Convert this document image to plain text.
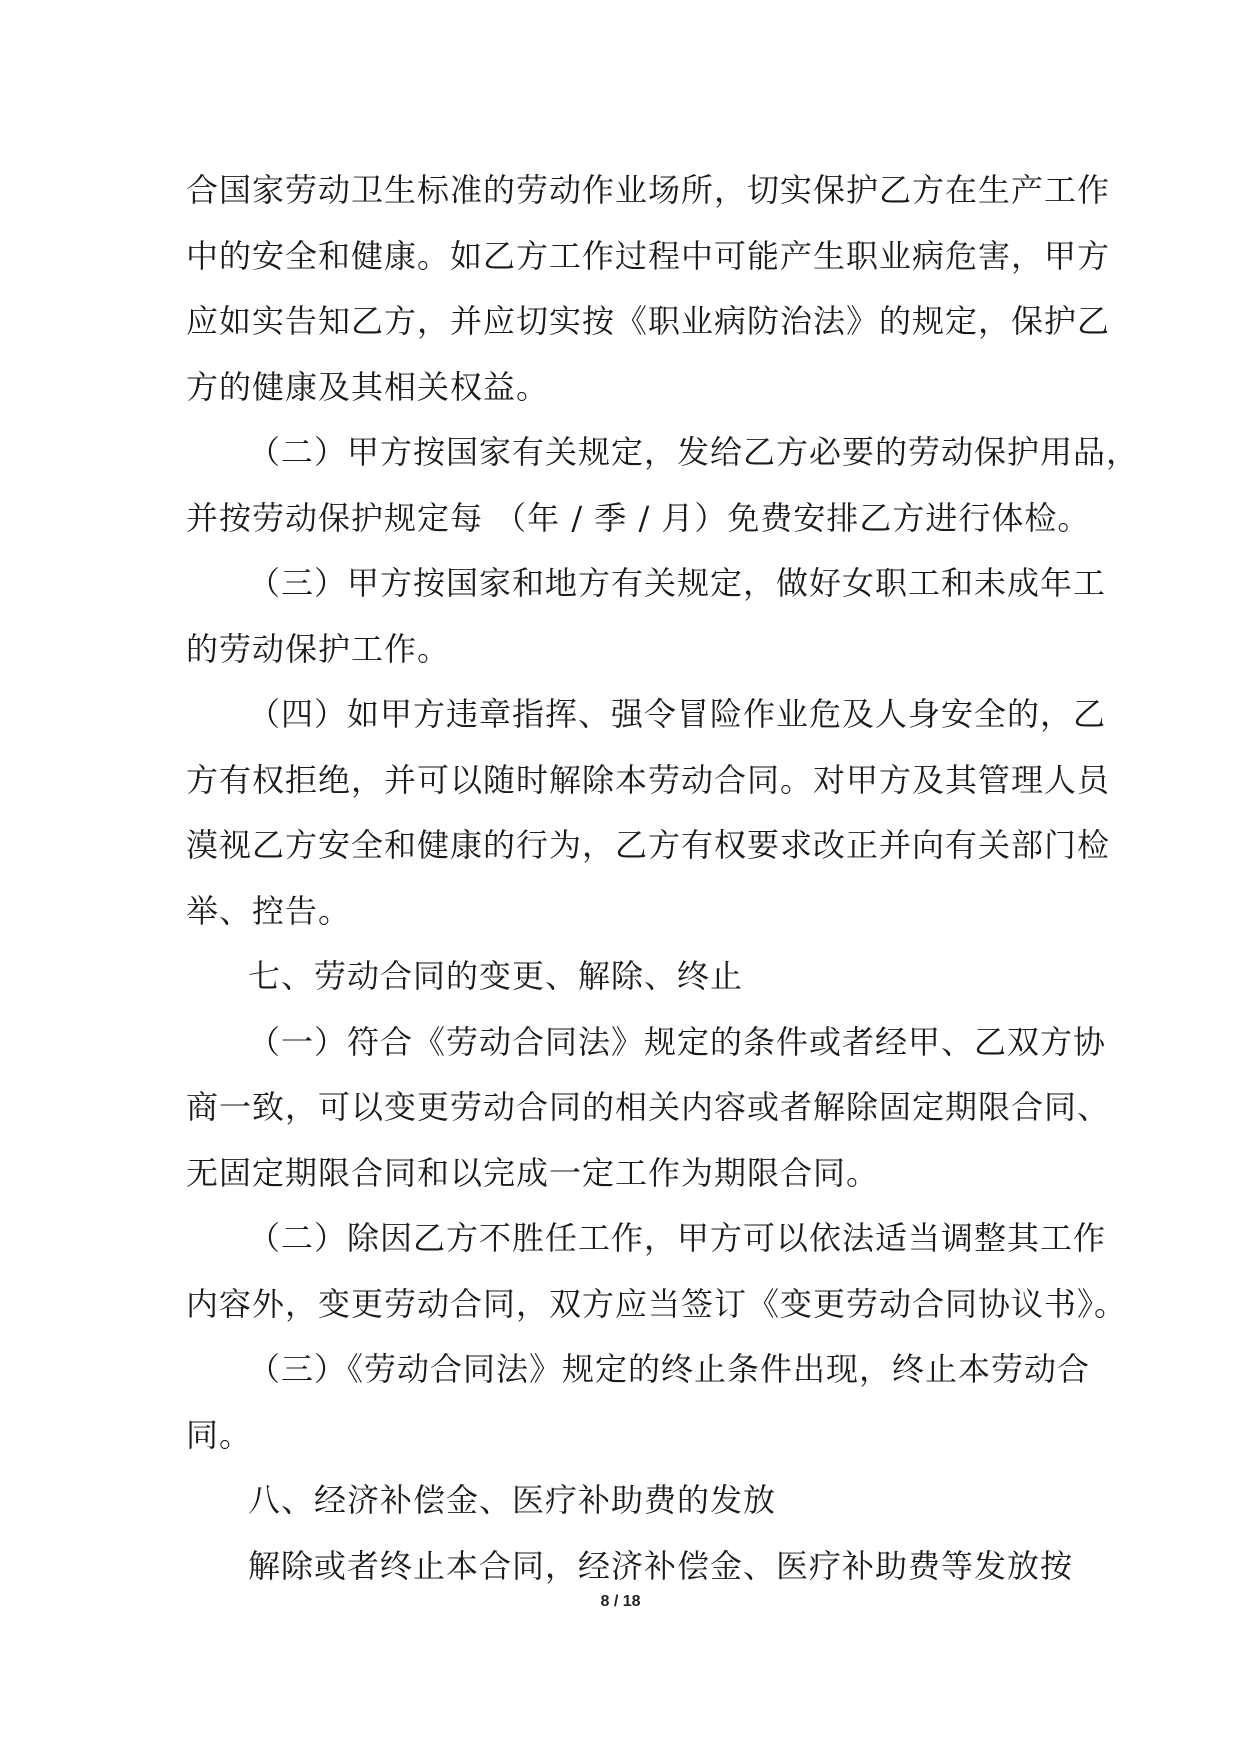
合国家劳动卫生标准的劳动作业场所，切实保护乙方在生产工作
中的安全和健康。如乙方工作过程中可能产生职业病危害，甲方
应如实告知乙方，并应切实按《职业病防治法》的规定，保护乙
方的健康及其相关权益。
（二）甲方按国家有关规定，发给乙方必要的劳动保护用品，
并按劳动保护规定每 （年 / 季 / 月）免费安排乙方进行体检。
（三）甲方按国家和地方有关规定，做好女职工和未成年工
的劳动保护工作。
（四）如甲方违章指挥、强令冒险作业危及人身安全的，乙
方有权拒绝，并可以随时解除本劳动合同。对甲方及其管理人员
漠视乙方安全和健康的行为，乙方有权要求改正并向有关部门检
举、控告。
七、劳动合同的变更、解除、终止
（一）符合《劳动合同法》规定的条件或者经甲、乙双方协
商一致，可以变更劳动合同的相关内容或者解除固定期限合同、
无固定期限合同和以完成一定工作为期限合同。
（二）除因乙方不胜任工作，甲方可以依法适当调整其工作
内容外，变更劳动合同，双方应当签订《变更劳动合同协议书》。
（三）《劳动合同法》规定的终止条件出现，终止本劳动合
同。
八、经济补偿金、医疗补助费的发放
解除或者终止本合同，经济补偿金、医疗补助费等发放按
8 / 18
